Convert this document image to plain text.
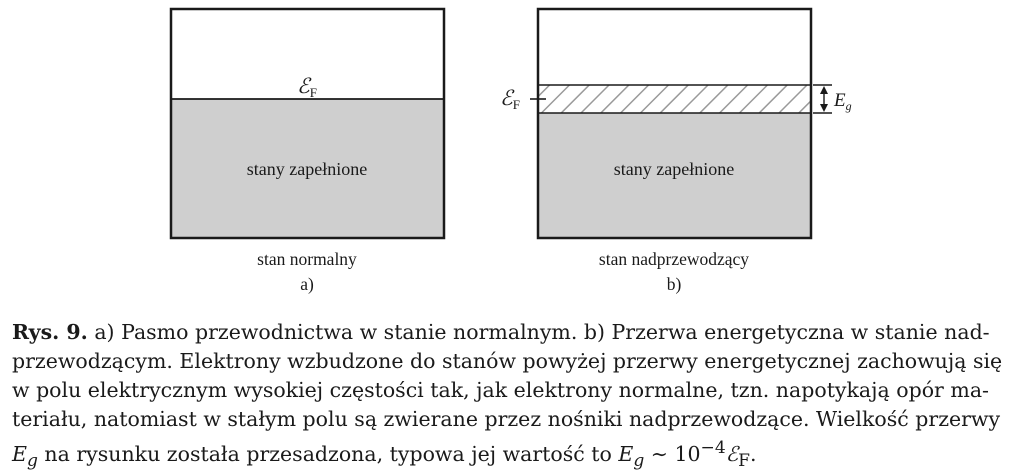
ℰF
stany zapełnione
stan normalny
a)
ℰF	$E_g$
stany zapełnione
stan nadprzewodzący
b)
Rys. 9. a) Pasmo przewodnictwa w stanie normalnym. b) Przerwa energetyczna w stanie nad-
przewodzącym. Elektrony wzbudzone do stanów powyżej przerwy energetycznej zachowują się
w polu elektrycznym wysokiej częstości tak, jak elektrony normalne, tzn. napotykają opór ma-
teriału, natomiast w stałym polu są zwierane przez nośniki nadprzewodzące. Wielkość przerwy
$E_g$ na rysunku została przesadzona, typowa jej wartość to $E_g$ ∼ $10^{-4}ℰ_F$.
